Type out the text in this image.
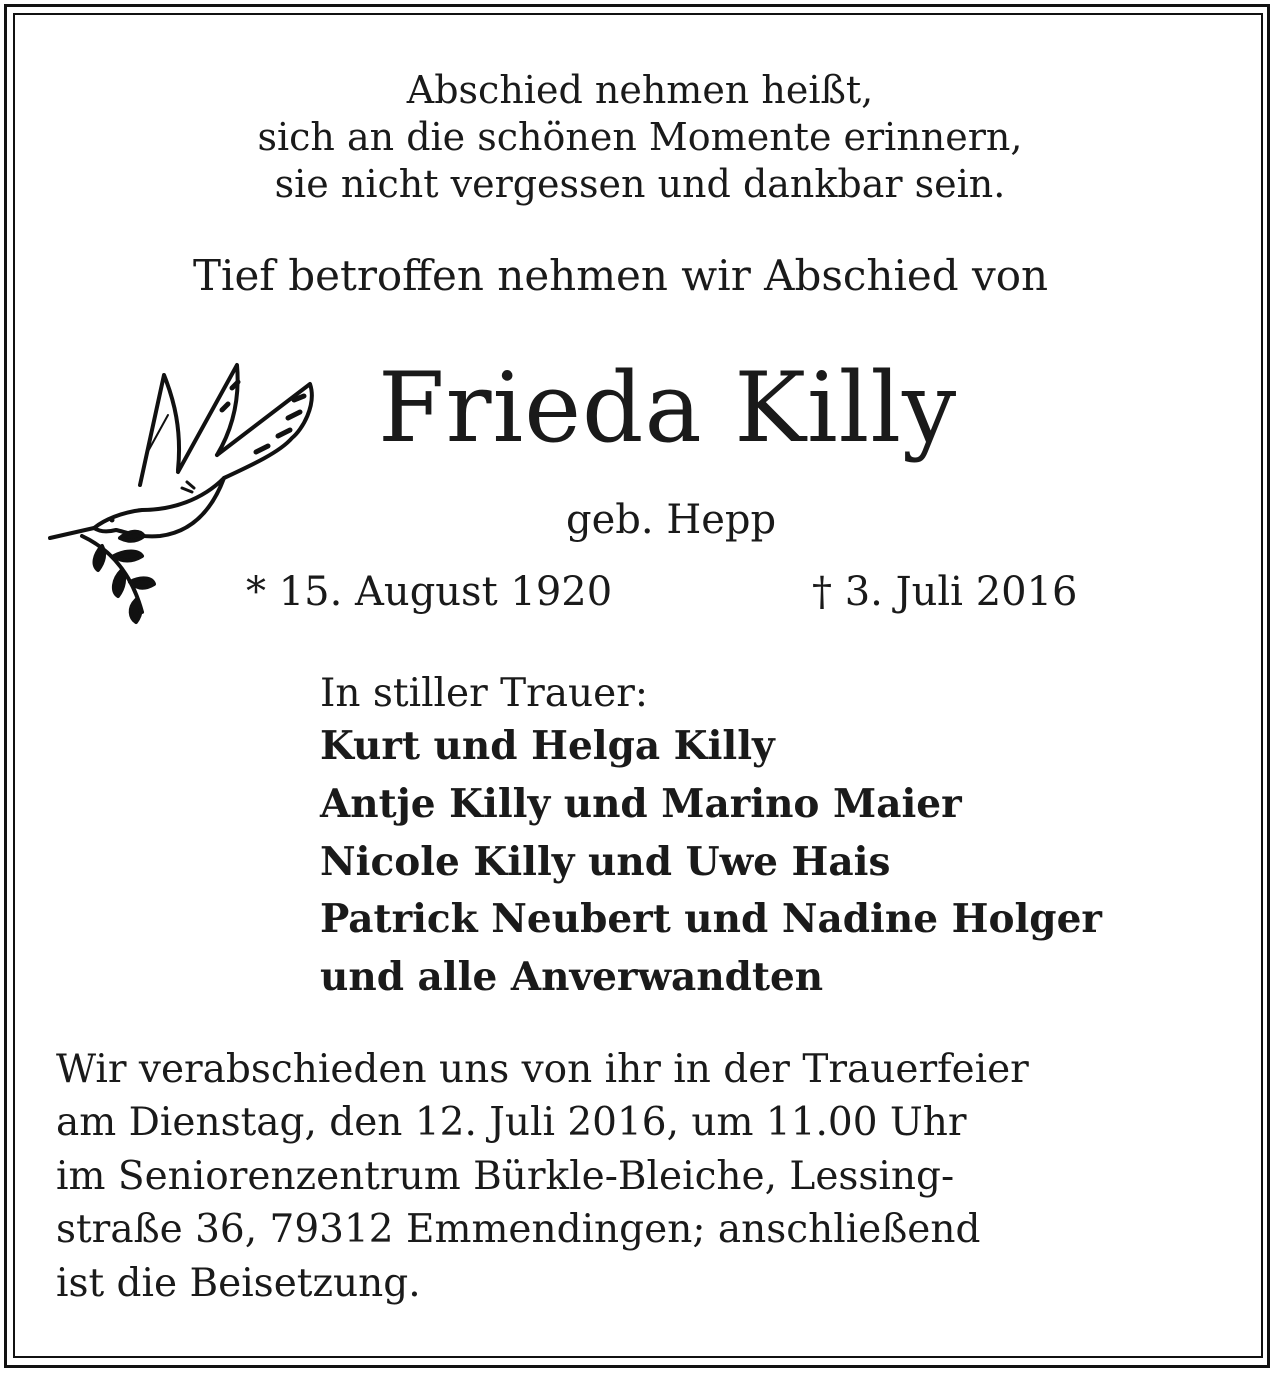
Abschied nehmen heißt,
sich an die schönen Momente erinnern,
sie nicht vergessen und dankbar sein.
Tief betroffen nehmen wir Abschied von
Frieda Killy
geb. Hepp
* 15. August 1920	† 3. Juli 2016
In stiller Trauer:
Kurt und Helga Killy
Antje Killy und Marino Maier
Nicole Killy und Uwe Hais
Patrick Neubert und Nadine Holger
und alle Anverwandten
Wir verabschieden uns von ihr in der Trauerfeier
am Dienstag, den 12. Juli 2016, um 11.00 Uhr
im Seniorenzentrum Bürkle-Bleiche, Lessing-
straße 36, 79312 Emmendingen; anschließend
ist die Beisetzung.
